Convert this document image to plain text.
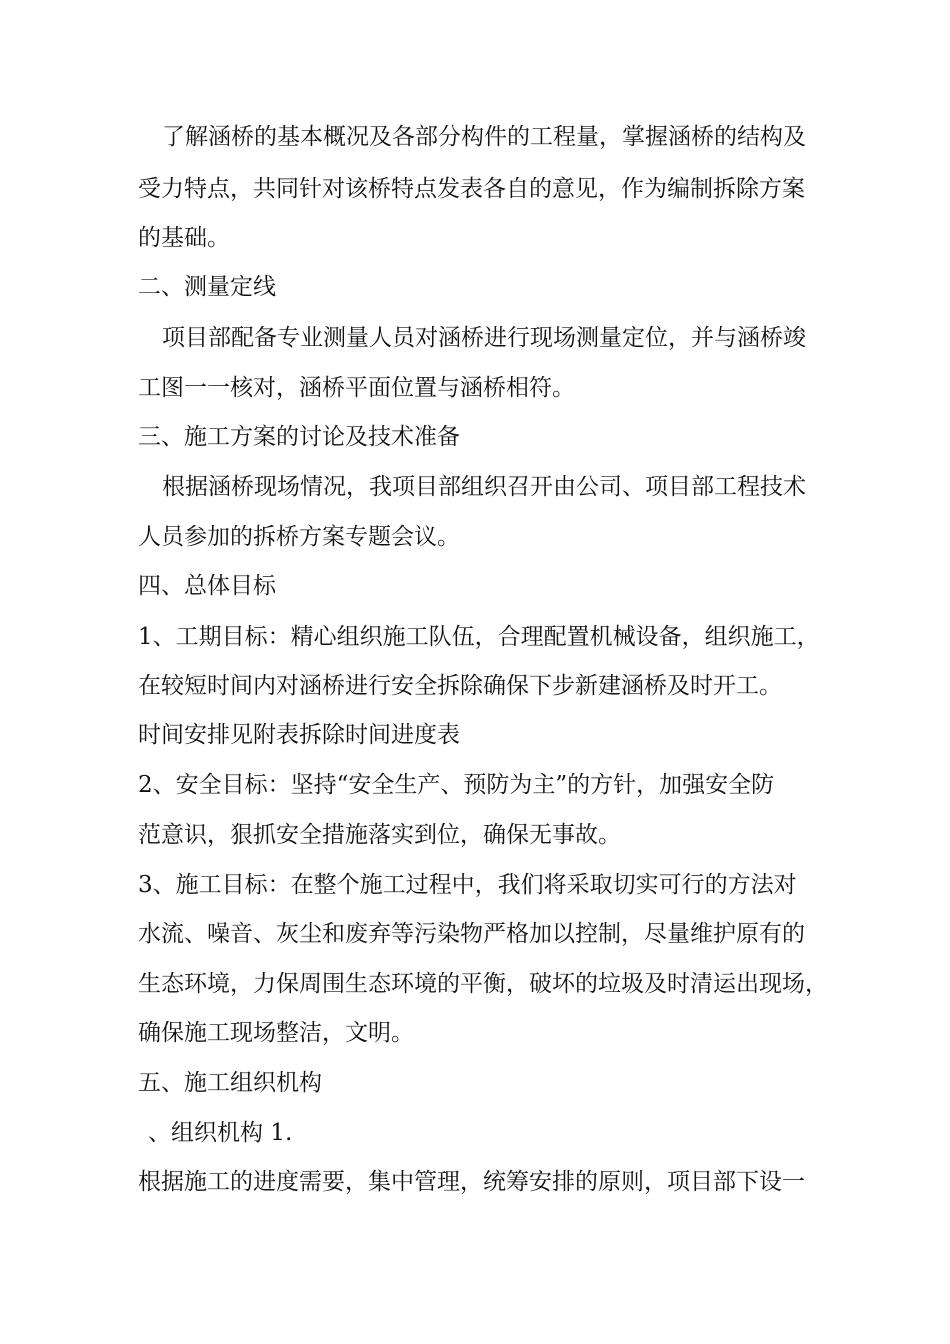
了解涵桥的基本概况及各部分构件的工程量，掌握涵桥的结构及
受力特点，共同针对该桥特点发表各自的意见，作为编制拆除方案
的基础。
二、测量定线
项目部配备专业测量人员对涵桥进行现场测量定位，并与涵桥竣
工图一一核对，涵桥平面位置与涵桥相符。
三、施工方案的讨论及技术准备
根据涵桥现场情况，我项目部组织召开由公司、项目部工程技术
人员参加的拆桥方案专题会议。
四、总体目标
1、工期目标：精心组织施工队伍，合理配置机械设备，组织施工，
在较短时间内对涵桥进行安全拆除确保下步新建涵桥及时开工。
时间安排见附表拆除时间进度表
2、安全目标：坚持“安全生产、预防为主”的方针，加强安全防
范意识，狠抓安全措施落实到位，确保无事故。
3、施工目标：在整个施工过程中，我们将采取切实可行的方法对
水流、噪音、灰尘和废弃等污染物严格加以控制，尽量维护原有的
生态环境，力保周围生态环境的平衡，破坏的垃圾及时清运出现场，
确保施工现场整洁，文明。
五、施工组织机构
、组织机构 1.
根据施工的进度需要，集中管理，统筹安排的原则，项目部下设一
